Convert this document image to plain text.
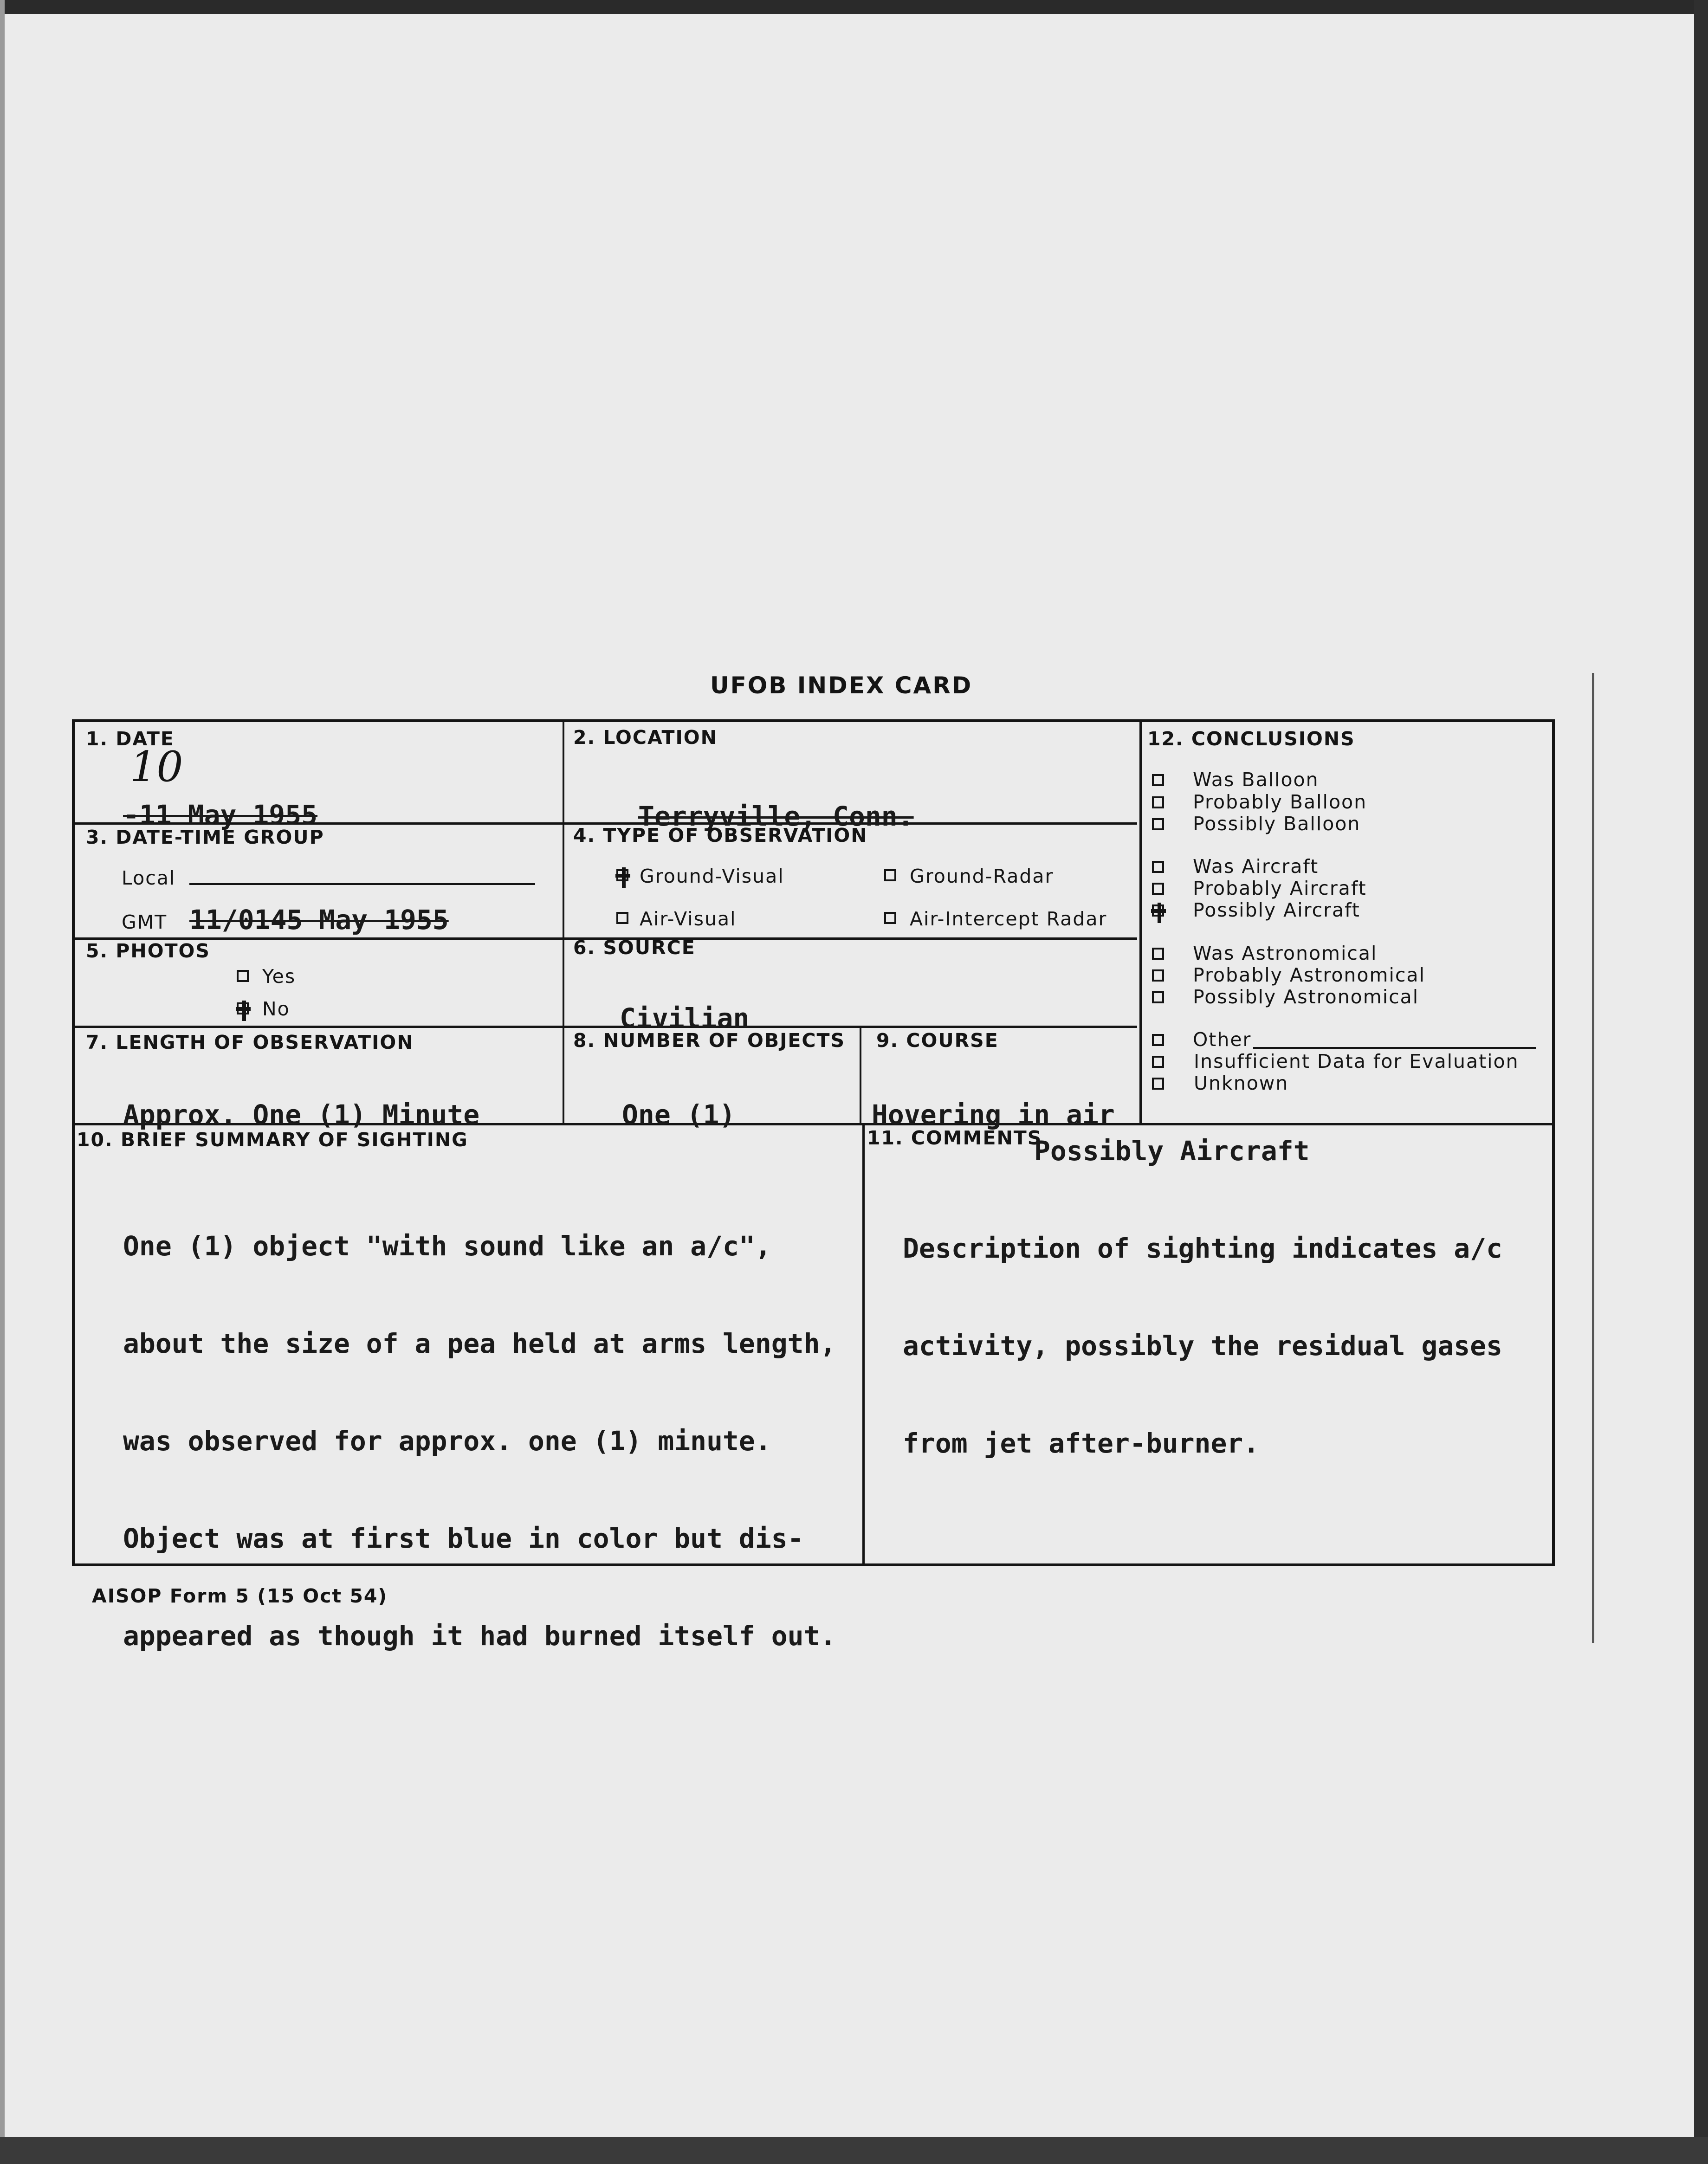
UFOB INDEX CARD
1. DATE
10
-11 May 1955
2. LOCATION
Terryville, Conn.
3. DATE-TIME GROUP
Local
GMT 11/0145 May 1955
4. TYPE OF OBSERVATION
Ground-Visual	Ground-Radar
Air-Visual	Air-Intercept Radar
5. PHOTOS
Yes
No
6. SOURCE
Civilian
7. LENGTH OF OBSERVATION
Approx. One (1) Minute
8. NUMBER OF OBJECTS
One (1)
9. COURSE
Hovering in air
10. BRIEF SUMMARY OF SIGHTING

One (1) object "with sound like an a/c",

about the size of a pea held at arms length,

was observed for approx. one (1) minute.

Object was at first blue in color but dis-

appeared as though it had burned itself out.

11. COMMENTS
Possibly Aircraft

Description of sighting indicates a/c

activity, possibly the residual gases

from jet after-burner.

12. CONCLUSIONS
Was Balloon
Probably Balloon
Possibly Balloon
Was Aircraft
Probably Aircraft
Possibly Aircraft
Was Astronomical
Probably Astronomical
Possibly Astronomical
Other
Insufficient Data for Evaluation
Unknown
AISOP Form 5 (15 Oct 54)
